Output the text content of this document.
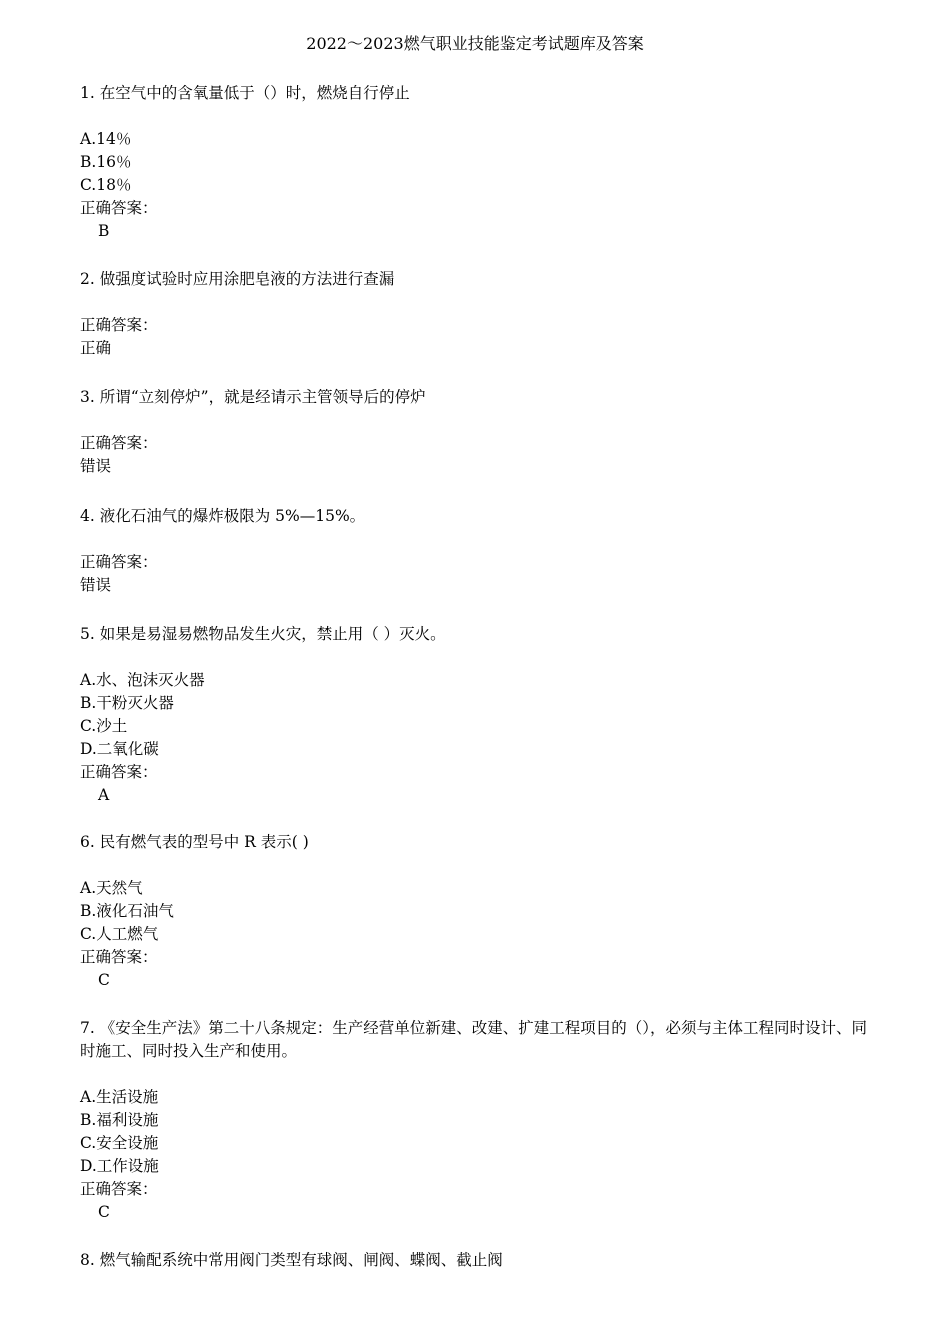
2022～2023燃气职业技能鉴定考试题库及答案
1. 在空气中的含氧量低于（）时，燃烧自行停止
A.14％
B.16％
C.18％
正确答案：
B
2. 做强度试验时应用涂肥皂液的方法进行查漏
正确答案：
正确
3. 所谓“立刻停炉”，就是经请示主管领导后的停炉
正确答案：
错误
4. 液化石油气的爆炸极限为 5%—15%。
正确答案：
错误
5. 如果是易湿易燃物品发生火灾，禁止用（ ）灭火。
A.水、泡沫灭火器
B.干粉灭火器
C.沙土
D.二氧化碳
正确答案：
A
6. 民有燃气表的型号中 R 表示( )
A.天然气
B.液化石油气
C.人工燃气
正确答案：
C
7. 《安全生产法》第二十八条规定：生产经营单位新建、改建、扩建工程项目的（），必须与主体工程同时设计、同时施工、同时投入生产和使用。
A.生活设施
B.福利设施
C.安全设施
D.工作设施
正确答案：
C
8. 燃气输配系统中常用阀门类型有球阀、闸阀、蝶阀、截止阀
